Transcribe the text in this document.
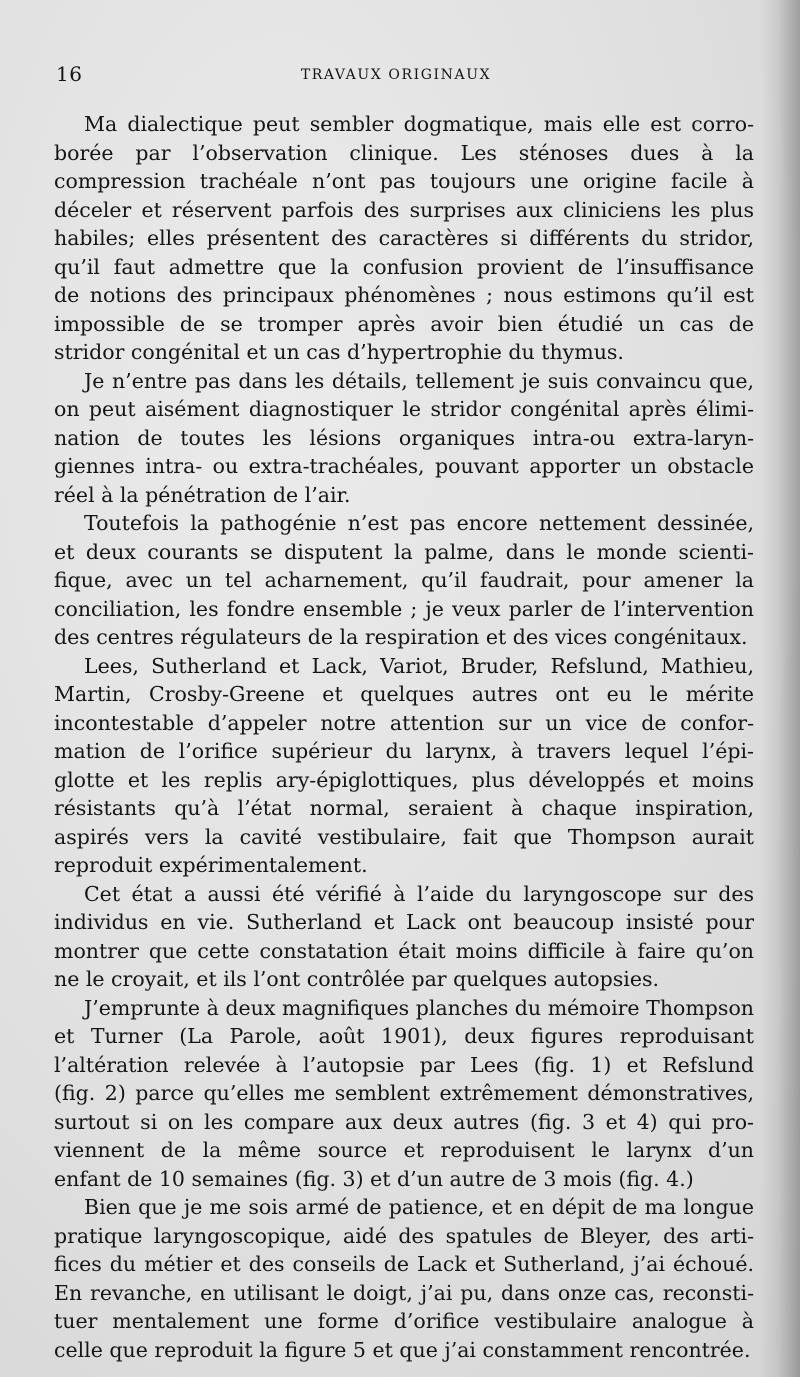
16	TRAVAUX ORIGINAUX
Ma dialectique peut sembler dogmatique, mais elle est corro-
borée par l’observation clinique. Les sténoses dues à la
compression trachéale n’ont pas toujours une origine facile à
déceler et réservent parfois des surprises aux cliniciens les plus
habiles; elles présentent des caractères si différents du stridor,
qu’il faut admettre que la confusion provient de l’insuffisance
de notions des principaux phénomènes ; nous estimons qu’il est
impossible de se tromper après avoir bien étudié un cas de
stridor congénital et un cas d’hypertrophie du thymus.
Je n’entre pas dans les détails, tellement je suis convaincu que,
on peut aisément diagnostiquer le stridor congénital après élimi-
nation de toutes les lésions organiques intra-ou extra-laryn-
giennes intra- ou extra-trachéales, pouvant apporter un obstacle
réel à la pénétration de l’air.
Toutefois la pathogénie n’est pas encore nettement dessinée,
et deux courants se disputent la palme, dans le monde scienti-
fique, avec un tel acharnement, qu’il faudrait, pour amener la
conciliation, les fondre ensemble ; je veux parler de l’intervention
des centres régulateurs de la respiration et des vices congénitaux.
Lees, Sutherland et Lack, Variot, Bruder, Refslund, Mathieu,
Martin, Crosby-Greene et quelques autres ont eu le mérite
incontestable d’appeler notre attention sur un vice de confor-
mation de l’orifice supérieur du larynx, à travers lequel l’épi-
glotte et les replis ary-épiglottiques, plus développés et moins
résistants qu’à l’état normal, seraient à chaque inspiration,
aspirés vers la cavité vestibulaire, fait que Thompson aurait
reproduit expérimentalement.
Cet état a aussi été vérifié à l’aide du laryngoscope sur des
individus en vie. Sutherland et Lack ont beaucoup insisté pour
montrer que cette constatation était moins difficile à faire qu’on
ne le croyait, et ils l’ont contrôlée par quelques autopsies.
J’emprunte à deux magnifiques planches du mémoire Thompson
et Turner (La Parole, août 1901), deux figures reproduisant
l’altération relevée à l’autopsie par Lees (fig. 1) et Refslund
(fig. 2) parce qu’elles me semblent extrêmement démonstratives,
surtout si on les compare aux deux autres (fig. 3 et 4) qui pro-
viennent de la même source et reproduisent le larynx d’un
enfant de 10 semaines (fig. 3) et d’un autre de 3 mois (fig. 4.)
Bien que je me sois armé de patience, et en dépit de ma longue
pratique laryngoscopique, aidé des spatules de Bleyer, des arti-
fices du métier et des conseils de Lack et Sutherland, j’ai échoué.
En revanche, en utilisant le doigt, j’ai pu, dans onze cas, reconsti-
tuer mentalement une forme d’orifice vestibulaire analogue à
celle que reproduit la figure 5 et que j’ai constamment rencontrée.
